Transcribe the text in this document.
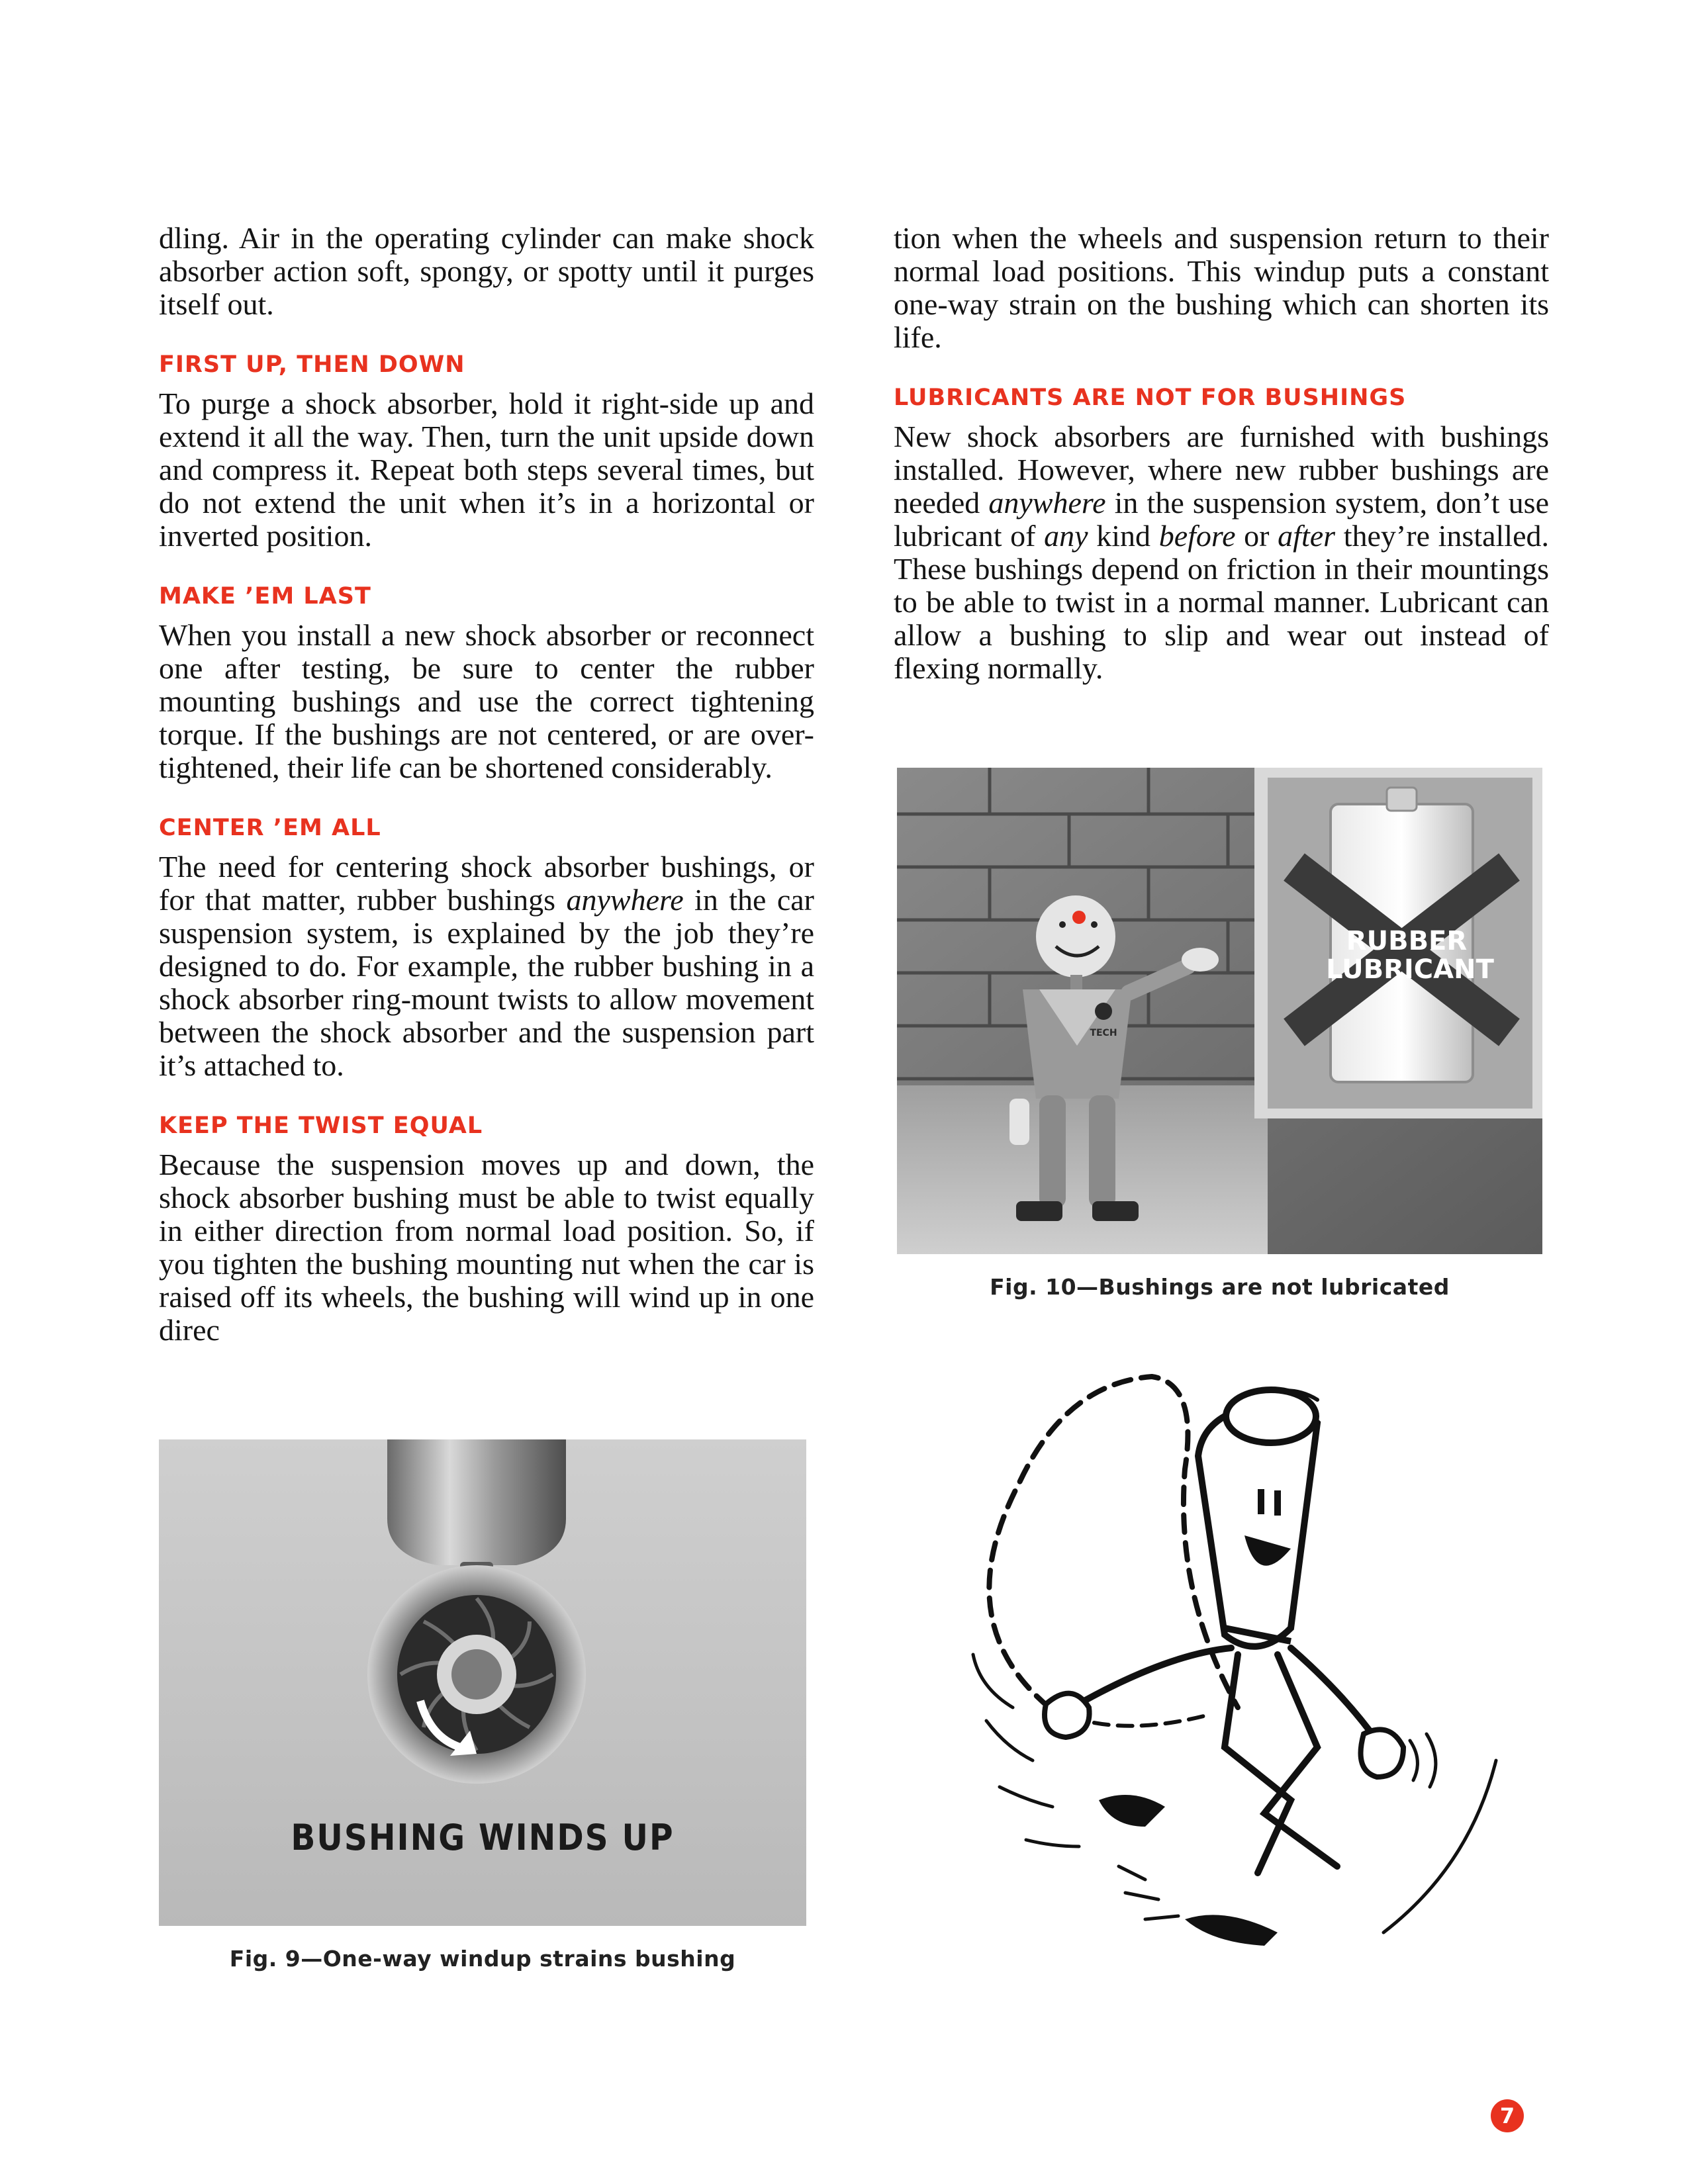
dling. Air in the operating cylinder can make shock absorber action soft, spongy, or spotty until it purges itself out.

FIRST UP, THEN DOWN

To purge a shock absorber, hold it right-side up and extend it all the way. Then, turn the unit upside down and compress it. Repeat both steps several times, but do not extend the unit when it’s in a horizontal or inverted position.

MAKE ’EM LAST

When you install a new shock absorber or reconnect one after testing, be sure to center the rubber mounting bushings and use the correct tightening torque. If the bushings are not centered, or are over-tightened, their life can be shortened considerably.

CENTER ’EM ALL

The need for centering shock absorber bushings, or for that matter, rubber bushings anywhere in the car suspension system, is explained by the job they’re designed to do. For example, the rubber bushing in a shock absorber ring-mount twists to allow movement between the shock absorber and the suspension part it’s attached to.

KEEP THE TWIST EQUAL

Because the suspension moves up and down, the shock absorber bushing must be able to twist equally in either direction from normal load position. So, if you tighten the bushing mounting nut when the car is raised off its wheels, the bushing will wind up in one direc

tion when the wheels and suspension return to their normal load positions. This windup puts a constant one-way strain on the bushing which can shorten its life.

LUBRICANTS ARE NOT FOR BUSHINGS

New shock absorbers are furnished with bushings installed. However, where new rubber bushings are needed anywhere in the suspension system, don’t use lubricant of any kind before or after they’re installed. These bushings depend on friction in their mountings to be able to twist in a normal manner. Lubricant can allow a bushing to slip and wear out instead of flexing normally.

BUSHING WINDS UP
Fig. 9—One-way windup strains bushing
RUBBER
LUBRICANT
TECH
Fig. 10—Bushings are not lubricated
7
